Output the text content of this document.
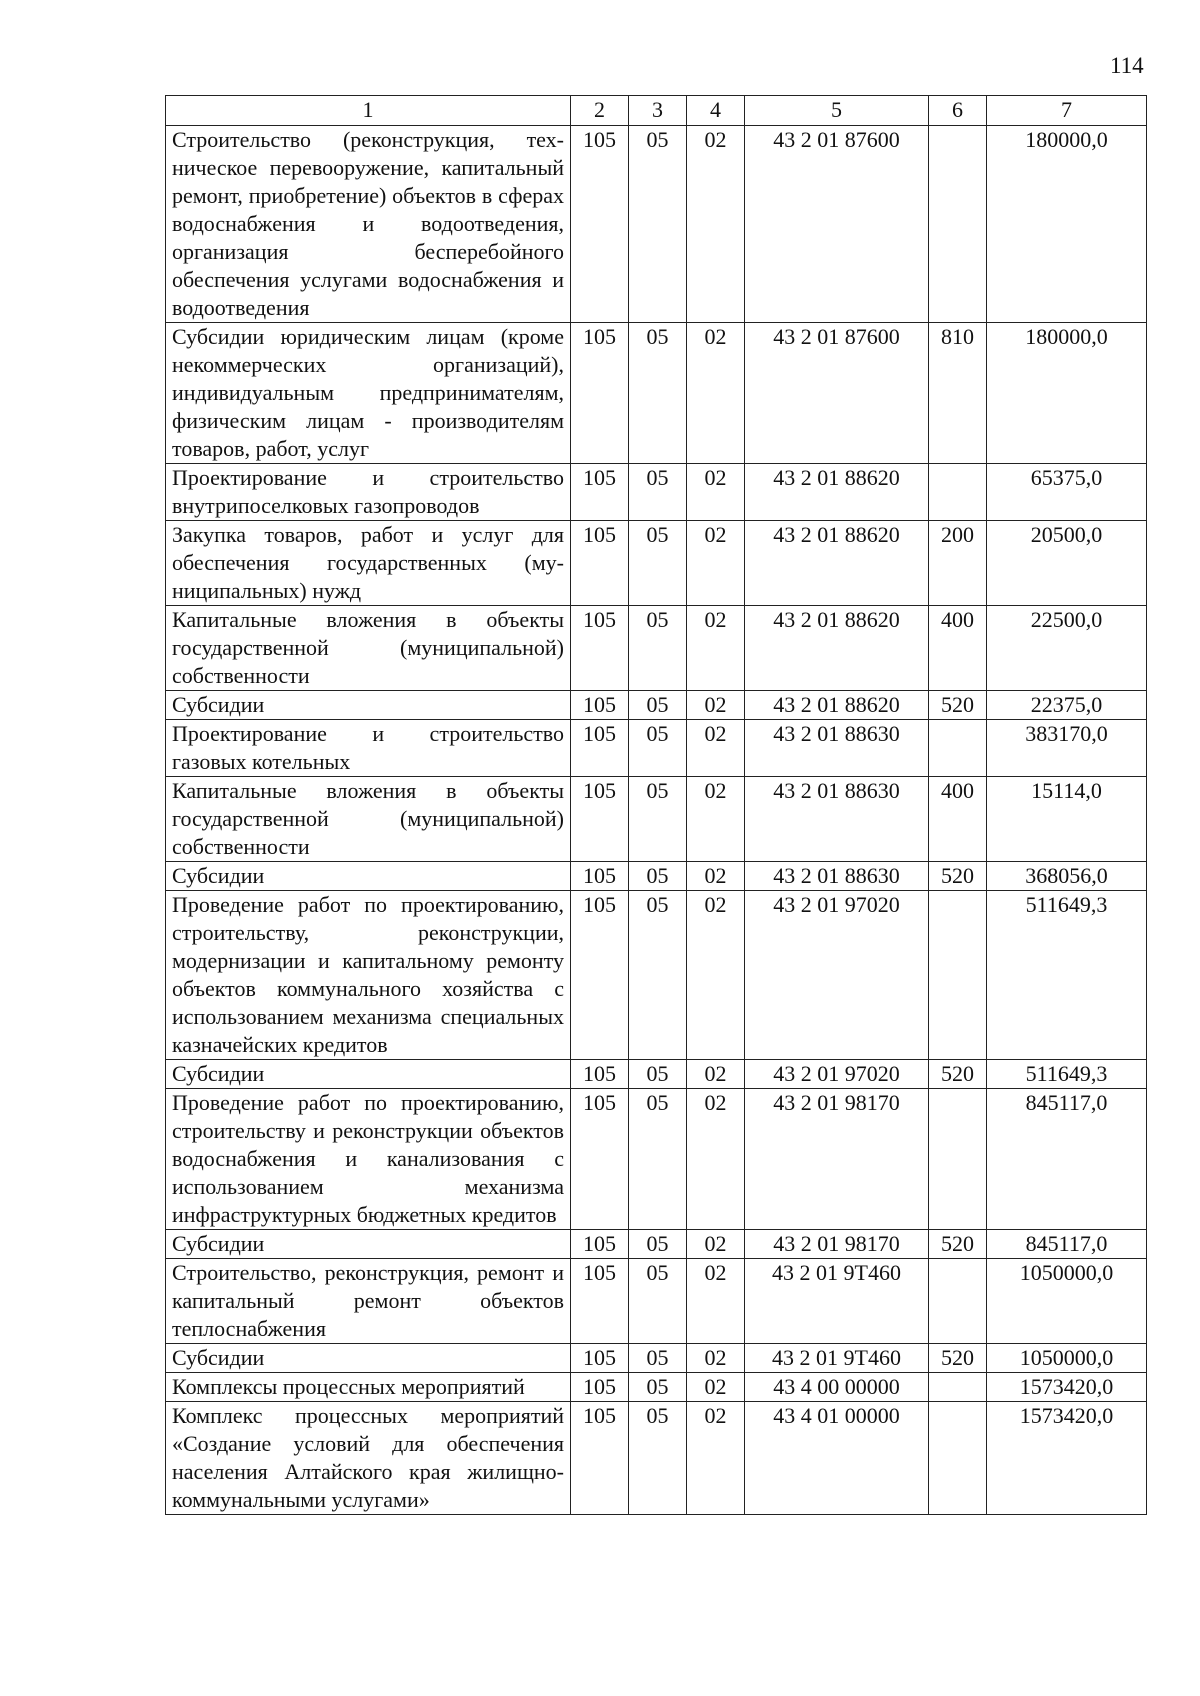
114
1	2	3	4	5	6	7
Строительство (реконструкция, техническое перевооружение, капитальный ремонт, приобретение) объектов в сферах водоснабжения и водоотведения, организация бесперебойного обеспечения услугами водоснабжения и водоотведения	105	05	02	43 2 01 87600		180000,0
Субсидии юридическим лицам (кроме некоммерческих организаций), индивидуальным предпринимателям, физическим лицам - производителям товаров, работ, услуг	105	05	02	43 2 01 87600	810	180000,0
Проектирование и строительство внутрипоселковых газопроводов	105	05	02	43 2 01 88620		65375,0
Закупка товаров, работ и услуг для обеспечения государственных (муниципальных) нужд	105	05	02	43 2 01 88620	200	20500,0
Капитальные вложения в объекты государственной (муниципальной) собственности	105	05	02	43 2 01 88620	400	22500,0
Субсидии	105	05	02	43 2 01 88620	520	22375,0
Проектирование и строительство газовых котельных	105	05	02	43 2 01 88630		383170,0
Капитальные вложения в объекты государственной (муниципальной) собственности	105	05	02	43 2 01 88630	400	15114,0
Субсидии	105	05	02	43 2 01 88630	520	368056,0
Проведение работ по проектированию, строительству, реконструкции, модернизации и капитальному ремонту объектов коммунального хозяйства с использованием механизма специальных казначейских кредитов	105	05	02	43 2 01 97020		511649,3
Субсидии	105	05	02	43 2 01 97020	520	511649,3
Проведение работ по проектированию, строительству и реконструкции объектов водоснабжения и канализования с использованием механизма инфраструктурных бюджетных кредитов	105	05	02	43 2 01 98170		845117,0
Субсидии	105	05	02	43 2 01 98170	520	845117,0
Строительство, реконструкция, ремонт и капитальный ремонт объектов теплоснабжения	105	05	02	43 2 01 9Т460		1050000,0
Субсидии	105	05	02	43 2 01 9Т460	520	1050000,0
Комплексы процессных мероприятий	105	05	02	43 4 00 00000		1573420,0
Комплекс процессных мероприятий «Создание условий для обеспечения населения Алтайского края жилищно-коммунальными услугами»	105	05	02	43 4 01 00000		1573420,0
